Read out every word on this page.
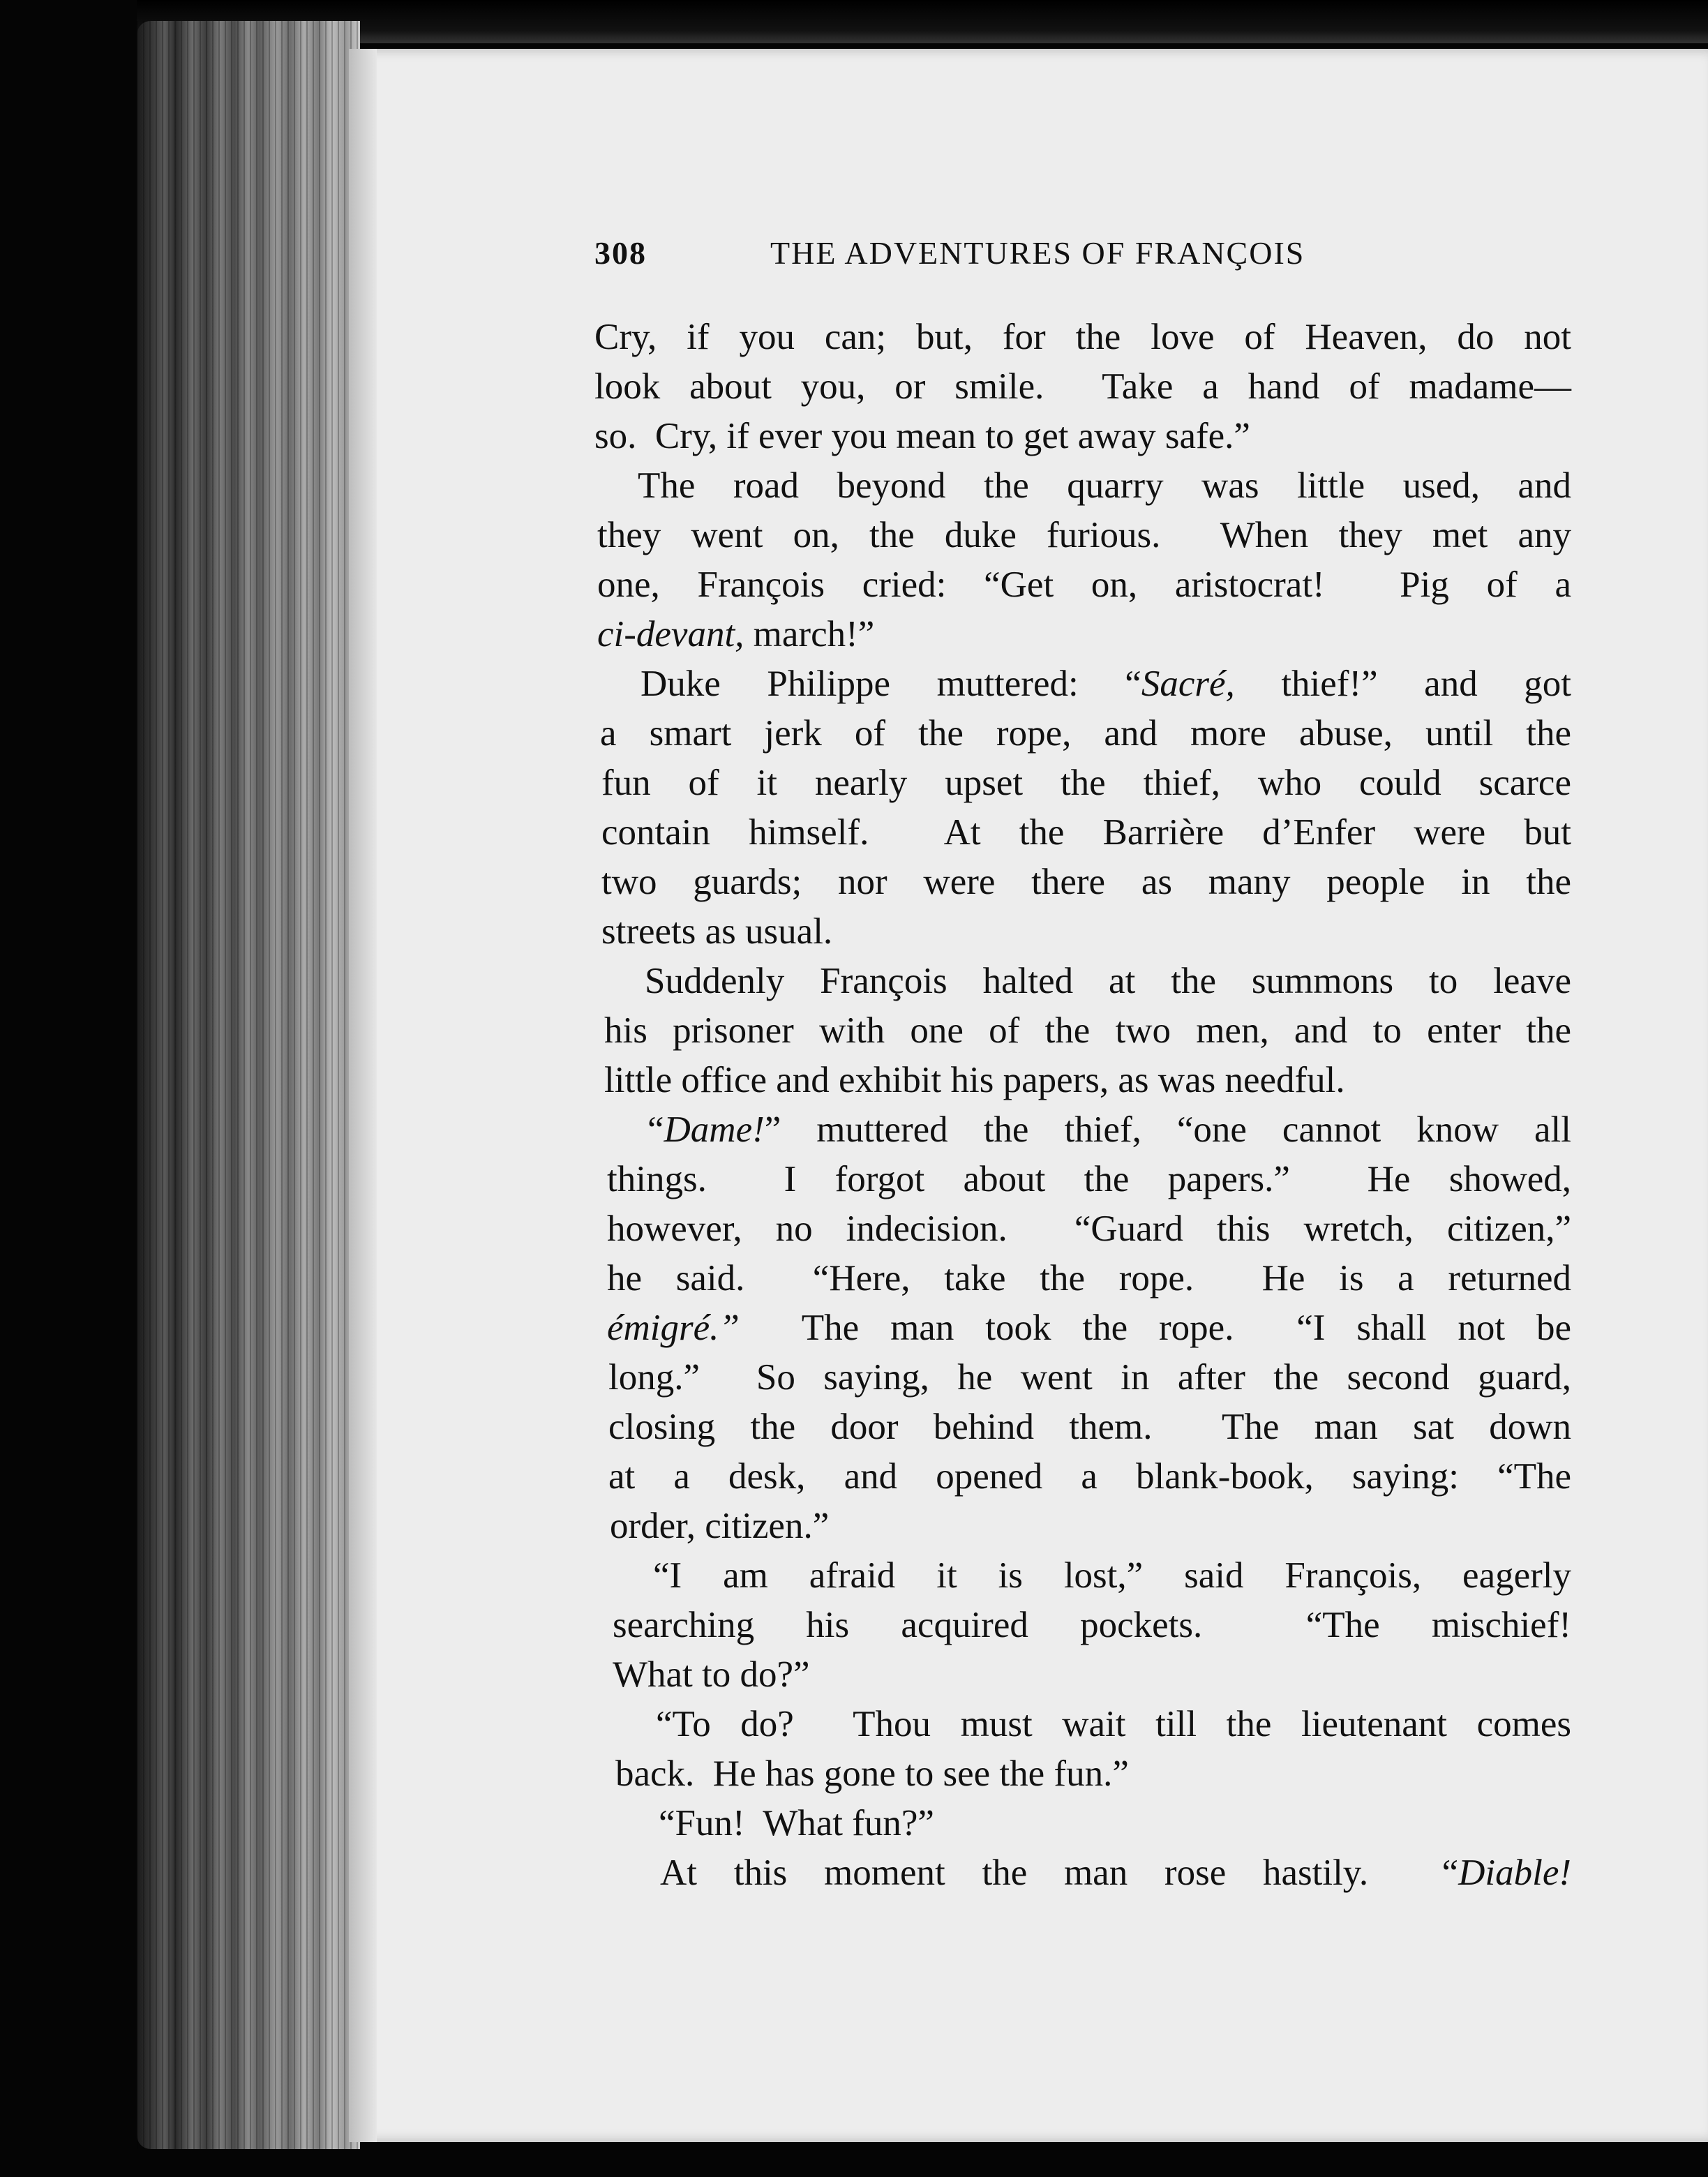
308	THE ADVENTURES OF FRANÇOIS
Cry, if you can; but, for the love of Heaven, do not
look about you, or smile.  Take a hand of madame—
so.  Cry, if ever you mean to get away safe.”
The road beyond the quarry was little used, and
they went on, the duke furious.  When they met any
one, François cried: “Get on, aristocrat!  Pig of a
ci-devant, march!”
Duke Philippe muttered: “Sacré, thief!” and got
a smart jerk of the rope, and more abuse, until the
fun of it nearly upset the thief, who could scarce
contain himself.  At the Barrière d’Enfer were but
two guards; nor were there as many people in the
streets as usual.
Suddenly François halted at the summons to leave
his prisoner with one of the two men, and to enter the
little office and exhibit his papers, as was needful.
“Dame!” muttered the thief, “one cannot know all
things.  I forgot about the papers.”  He showed,
however, no indecision.  “Guard this wretch, citizen,”
he said.  “Here, take the rope.  He is a returned
émigré.”  The man took the rope.  “I shall not be
long.”  So saying, he went in after the second guard,
closing the door behind them.  The man sat down
at a desk, and opened a blank-book, saying: “The
order, citizen.”
“I am afraid it is lost,” said François, eagerly
searching his acquired pockets.  “The mischief!
What to do?”
“To do?  Thou must wait till the lieutenant comes
back.  He has gone to see the fun.”
“Fun!  What fun?”
At this moment the man rose hastily.  “Diable!
